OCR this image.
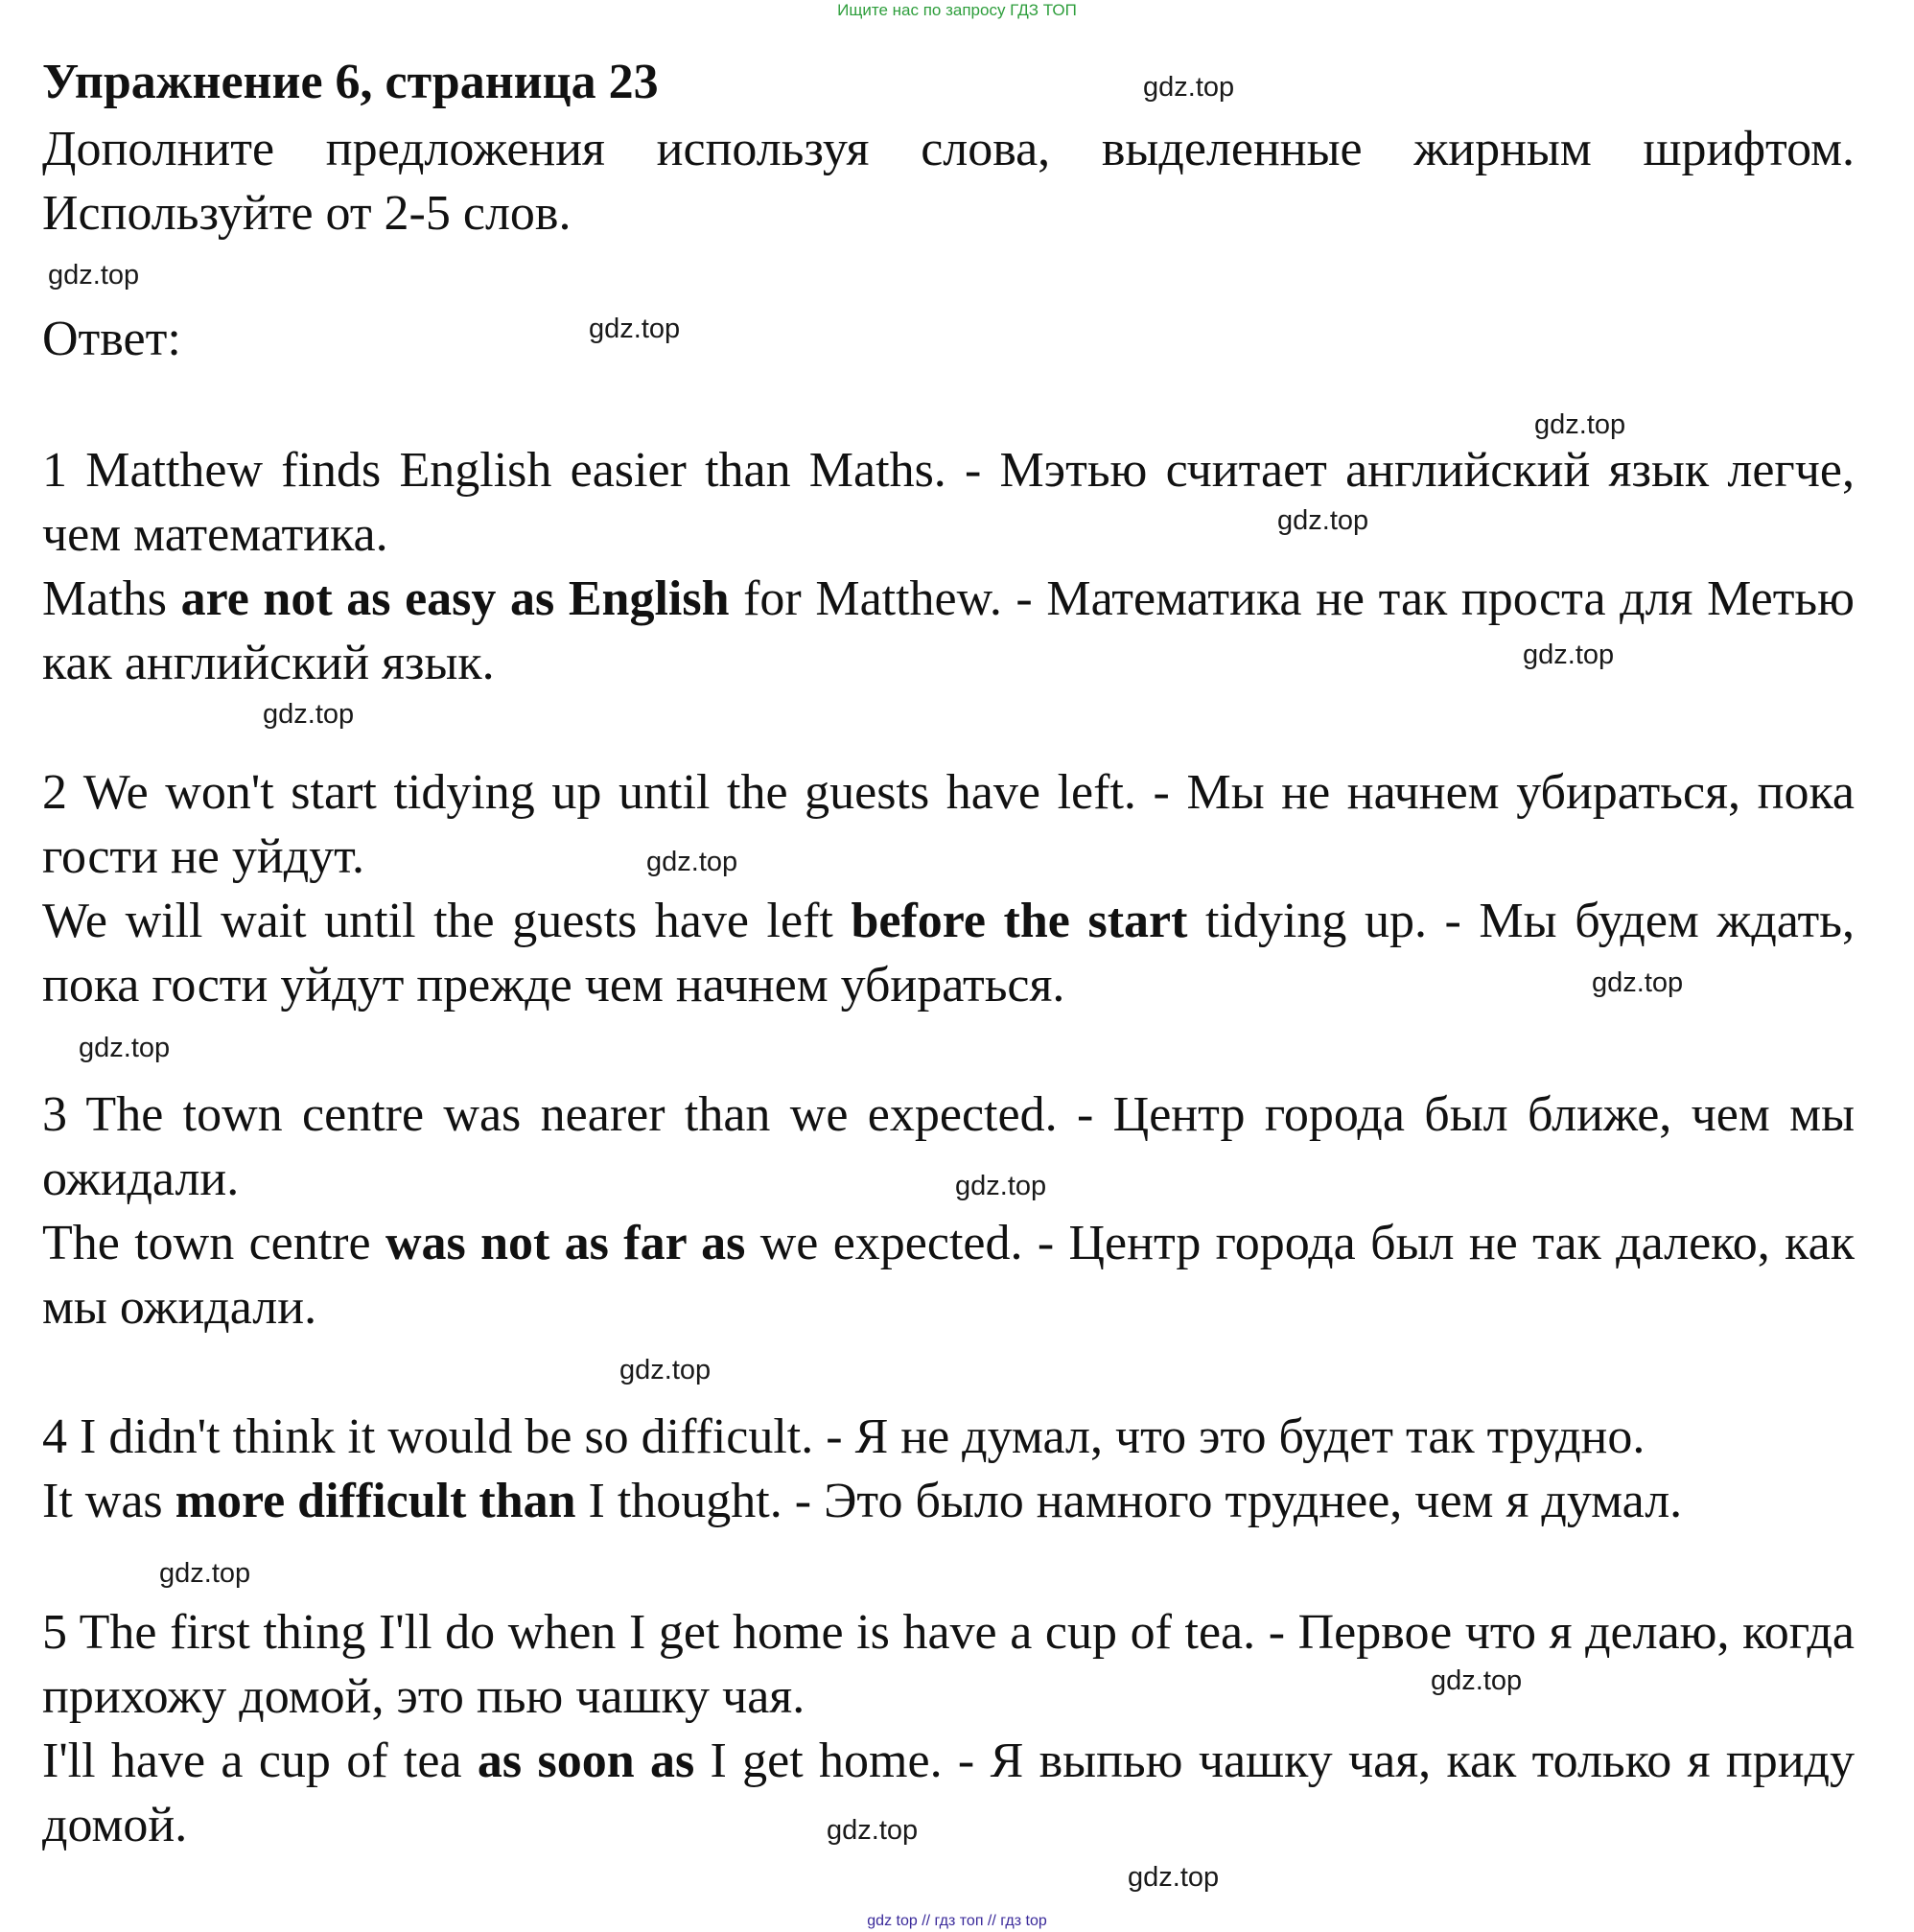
Ищите нас по запросу ГДЗ ТОП
Упражнение 6, страница 23

Дополните предложения используя слова, выделенные жирным шрифтом. Используйте от 2-5 слов.

Ответ:

1 Matthew finds English easier than Maths. - Мэтью считает английский язык легче, чем математика.

Maths are not as easy as English for Matthew. - Математика не так проста для Метью как английский язык.

2 We won't start tidying up until the guests have left. - Мы не начнем убираться, пока гости не уйдут.

We will wait until the guests have left before the start tidying up. - Мы будем ждать, пока гости уйдут прежде чем начнем убираться.

3 The town centre was nearer than we expected. - Центр города был ближе, чем мы ожидали.

The town centre was not as far as we expected. - Центр города был не так далеко, как мы ожидали.

4 I didn't think it would be so difficult. - Я не думал, что это будет так трудно.

It was more difficult than I thought. - Это было намного труднее, чем я думал.

5 The first thing I'll do when I get home is have a cup of tea. - Первое что я делаю, когда прихожу домой, это пью чашку чая.

I'll have a cup of tea as soon as I get home. - Я выпью чашку чая, как только я приду домой.

gdz.top
gdz.top
gdz.top
gdz.top
gdz.top
gdz.top
gdz.top
gdz.top
gdz.top
gdz.top
gdz.top
gdz.top
gdz.top
gdz.top
gdz.top
gdz.top
gdz top // гдз топ // гдз top
